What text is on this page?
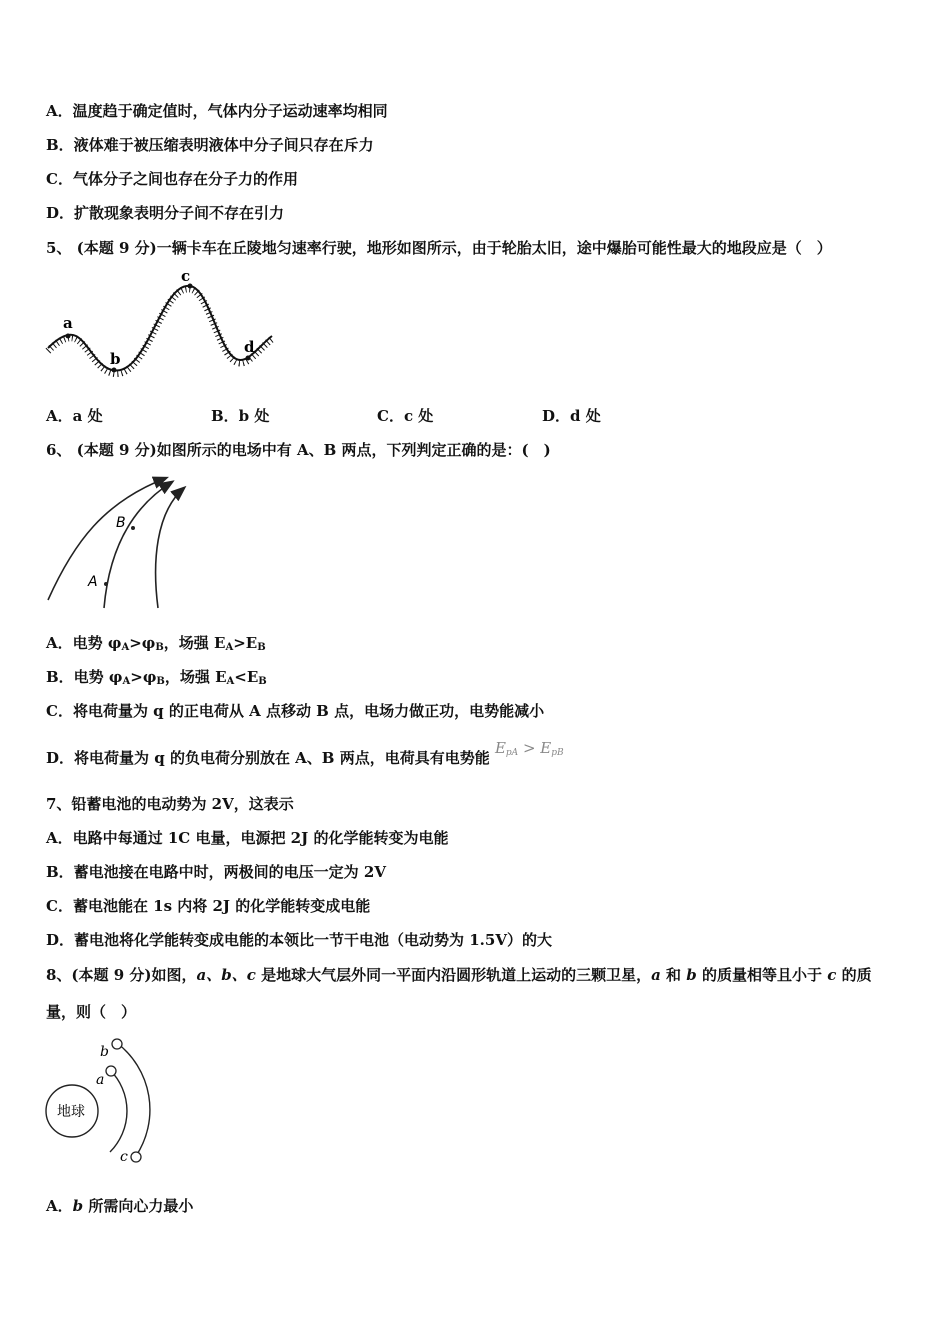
A．温度趋于确定值时，气体内分子运动速率均相同
B．液体难于被压缩表明液体中分子间只存在斥力
C．气体分子之间也存在分子力的作用
D．扩散现象表明分子间不存在引力
5、 (本题 9 分)一辆卡车在丘陵地匀速率行驶，地形如图所示，由于轮胎太旧，途中爆胎可能性最大的地段应是（　）
a
b
c
d
A．a 处	B．b 处	C．c 处	D．d 处
6、 (本题 9 分)如图所示的电场中有 A、B 两点，下列判定正确的是：(　)
B
A
A．电势 $\varphi_A>\varphi_B$，场强 $E_A>E_B$
B．电势 $\varphi_A>\varphi_B$，场强 $E_A<E_B$
C．将电荷量为 q 的正电荷从 A 点移动 B 点，电场力做正功，电势能减小
D．将电荷量为 q 的负电荷分别放在 A、B 两点，电荷具有电势能 $E_{pA} > E_{pB}$
7、铅蓄电池的电动势为 2V，这表示
A．电路中每通过 1C 电量，电源把 2J 的化学能转变为电能
B．蓄电池接在电路中时，两极间的电压一定为 2V
C．蓄电池能在 1s 内将 2J 的化学能转变成电能
D．蓄电池将化学能转变成电能的本领比一节干电池（电动势为 1.5V）的大
8、(本题 9 分)如图，a、b、c 是地球大气层外同一平面内沿圆形轨道上运动的三颗卫星，a 和 b 的质量相等且小于 c 的质
量，则（　）
地球
b
a
c
A．b 所需向心力最小
